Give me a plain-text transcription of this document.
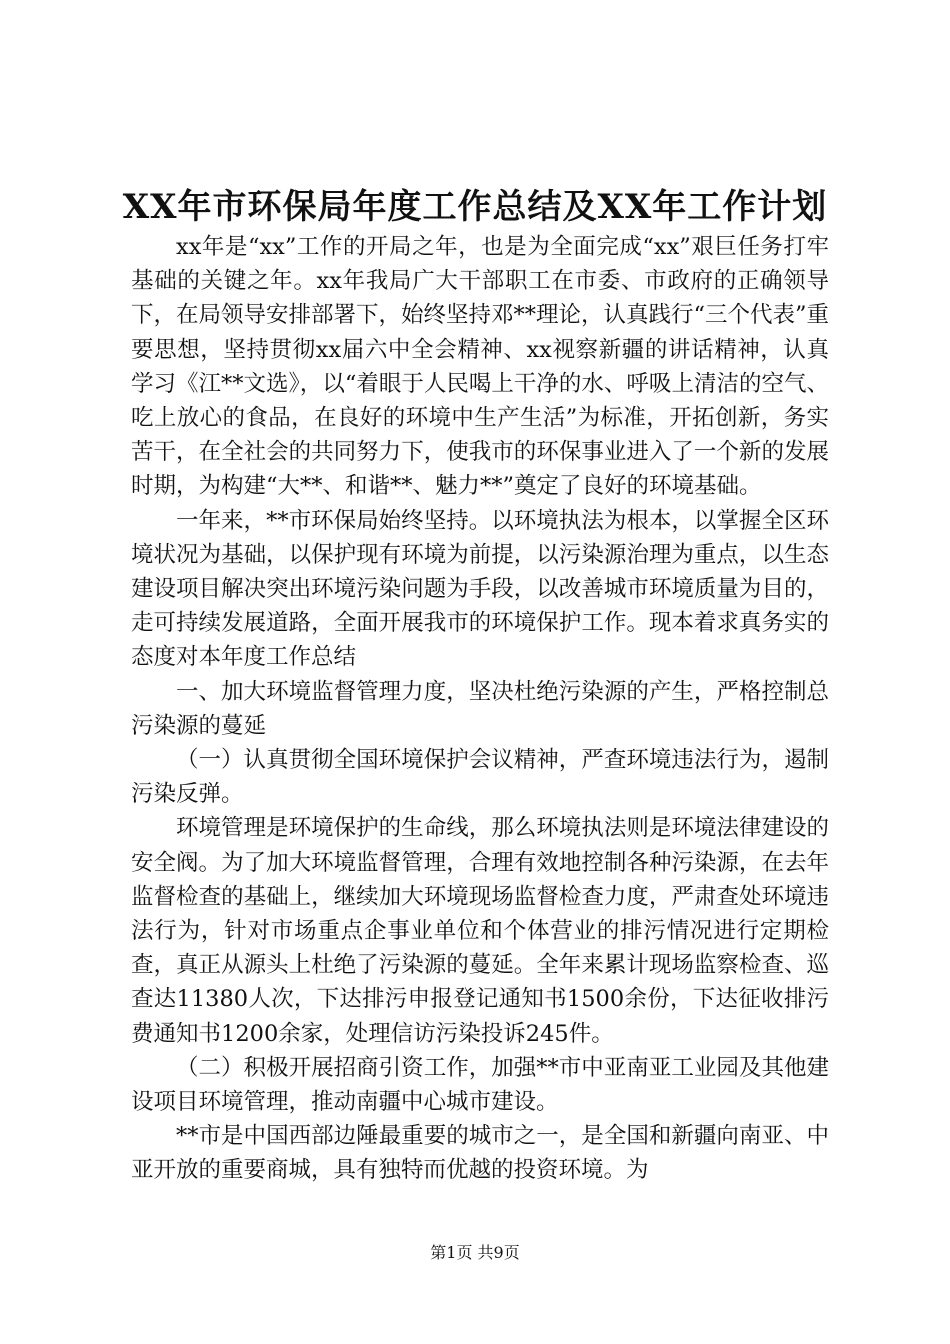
XX年市环保局年度工作总结及XX年工作计划

xx年是“xx”工作的开局之年，也是为全面完成“xx”艰巨任务打牢基础的关键之年。xx年我局广大干部职工在市委、市政府的正确领导下，在局领导安排部署下，始终坚持邓**理论，认真践行“三个代表”重要思想，坚持贯彻xx届六中全会精神、xx视察新疆的讲话精神，认真学习《江**文选》，以“着眼于人民喝上干净的水、呼吸上清洁的空气、吃上放心的食品，在良好的环境中生产生活”为标准，开拓创新，务实苦干，在全社会的共同努力下，使我市的环保事业进入了一个新的发展时期，为构建“大**、和谐**、魅力**”奠定了良好的环境基础。

一年来，**市环保局始终坚持。以环境执法为根本，以掌握全区环境状况为基础，以保护现有环境为前提，以污染源治理为重点，以生态建设项目解决突出环境污染问题为手段，以改善城市环境质量为目的，走可持续发展道路，全面开展我市的环境保护工作。现本着求真务实的态度对本年度工作总结

一、加大环境监督管理力度，坚决杜绝污染源的产生，严格控制总污染源的蔓延

（一）认真贯彻全国环境保护会议精神，严查环境违法行为，遏制污染反弹。

环境管理是环境保护的生命线，那么环境执法则是环境法律建设的安全阀。为了加大环境监督管理，合理有效地控制各种污染源，在去年监督检查的基础上，继续加大环境现场监督检查力度，严肃查处环境违法行为，针对市场重点企事业单位和个体营业的排污情况进行定期检查，真正从源头上杜绝了污染源的蔓延。全年来累计现场监察检查、巡查达11380人次，下达排污申报登记通知书1500余份，下达征收排污费通知书1200余家，处理信访污染投诉245件。

（二）积极开展招商引资工作，加强**市中亚南亚工业园及其他建设项目环境管理，推动南疆中心城市建设。

**市是中国西部边陲最重要的城市之一，是全国和新疆向南亚、中亚开放的重要商城，具有独特而优越的投资环境。为

第1页 共9页
